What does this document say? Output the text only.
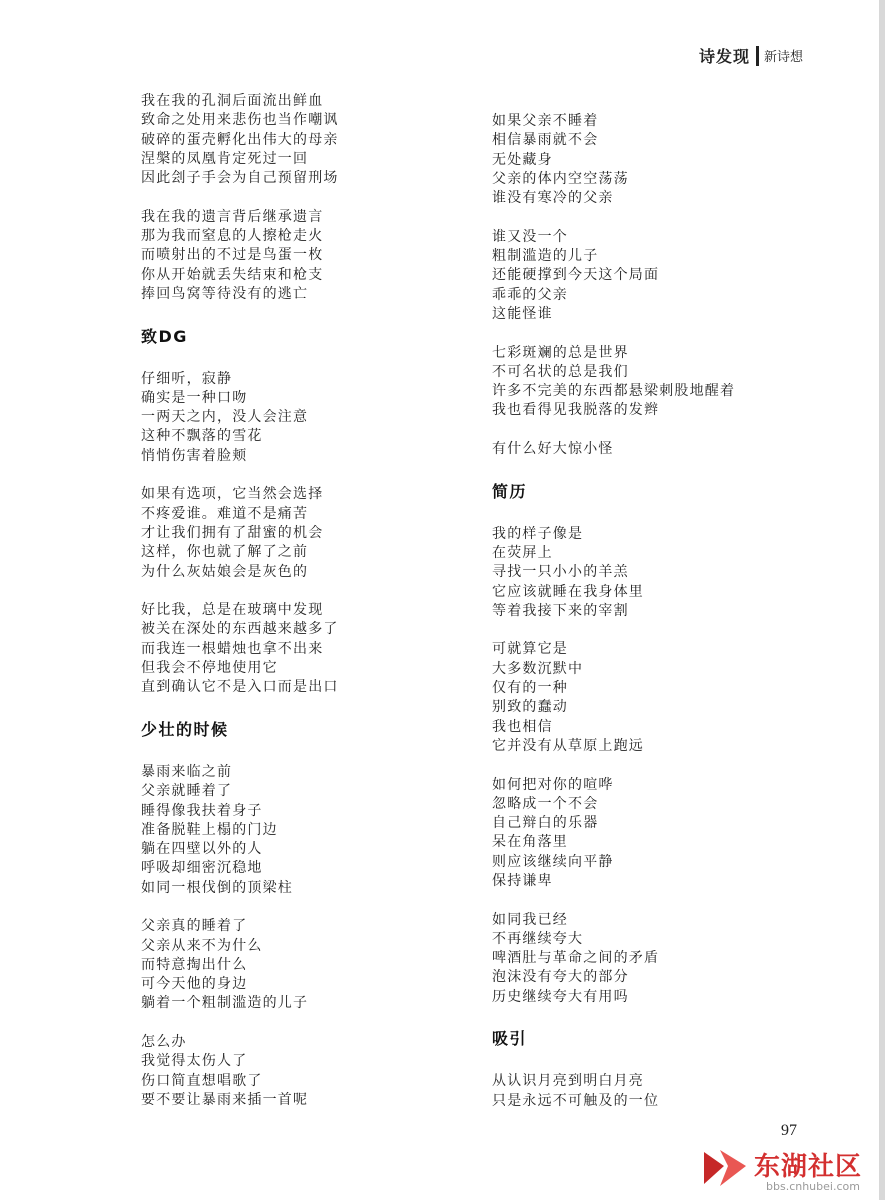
诗发现 新诗想
我在我的孔洞后面流出鲜血
致命之处用来悲伤也当作嘲讽
破碎的蛋壳孵化出伟大的母亲
涅槃的凤凰肯定死过一回
因此刽子手会为自己预留刑场
我在我的遗言背后继承遗言
那为我而窒息的人擦枪走火
而喷射出的不过是鸟蛋一枚
你从开始就丢失结束和枪支
捧回鸟窝等待没有的逃亡
致DG
仔细听，寂静
确实是一种口吻
一两天之内，没人会注意
这种不飘落的雪花
悄悄伤害着脸颊
如果有选项，它当然会选择
不疼爱谁。难道不是痛苦
才让我们拥有了甜蜜的机会
这样，你也就了解了之前
为什么灰姑娘会是灰色的
好比我，总是在玻璃中发现
被关在深处的东西越来越多了
而我连一根蜡烛也拿不出来
但我会不停地使用它
直到确认它不是入口而是出口
少壮的时候
暴雨来临之前
父亲就睡着了
睡得像我扶着身子
准备脱鞋上榻的门边
躺在四壁以外的人
呼吸却细密沉稳地
如同一根伐倒的顶梁柱
父亲真的睡着了
父亲从来不为什么
而特意掏出什么
可今天他的身边
躺着一个粗制滥造的儿子
怎么办
我觉得太伤人了
伤口简直想唱歌了
要不要让暴雨来插一首呢
如果父亲不睡着
相信暴雨就不会
无处藏身
父亲的体内空空荡荡
谁没有寒冷的父亲
谁又没一个
粗制滥造的儿子
还能硬撑到今天这个局面
乖乖的父亲
这能怪谁
七彩斑斓的总是世界
不可名状的总是我们
许多不完美的东西都悬梁刺股地醒着
我也看得见我脱落的发辫
有什么好大惊小怪
简历
我的样子像是
在荧屏上
寻找一只小小的羊羔
它应该就睡在我身体里
等着我接下来的宰割
可就算它是
大多数沉默中
仅有的一种
别致的蠢动
我也相信
它并没有从草原上跑远
如何把对你的喧哗
忽略成一个不会
自己辩白的乐器
呆在角落里
则应该继续向平静
保持谦卑
如同我已经
不再继续夸大
啤酒肚与革命之间的矛盾
泡沫没有夸大的部分
历史继续夸大有用吗
吸引
从认识月亮到明白月亮
只是永远不可触及的一位
97
东湖社区
bbs.cnhubei.com
